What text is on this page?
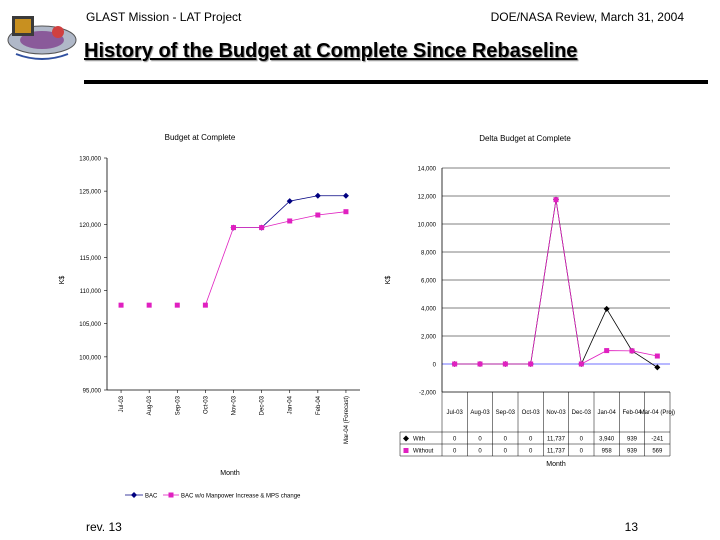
GLAST Mission - LAT Project	DOE/NASA Review, March 31, 2004
History of the Budget at Complete Since Rebaseline
Budget at Complete
K$
95,000
100,000
105,000
110,000
115,000
120,000
125,000
130,000
Jul-03	Aug-03	Sep-03	Oct-03	Nov-03	Dec-03	Jan-04	Feb-04	Mar-04 (Forecast)
Month
BAC	BAC w/o Manpower Increase & MPS change
Delta Budget at Complete
-2,000
0
2,000
4,000
6,000
8,000
10,000
12,000
14,000
K$
Jul-03 Aug-03 Sep-03 Oct-03 Nov-03 Dec-03 Jan-04 Feb-04
Mar-04 (Proj)
With	0	0	0	0 11,737 0	3,940 939 -241
Without	0	0	0	0 11,737 0	958	939	569
Month
rev. 13	13
